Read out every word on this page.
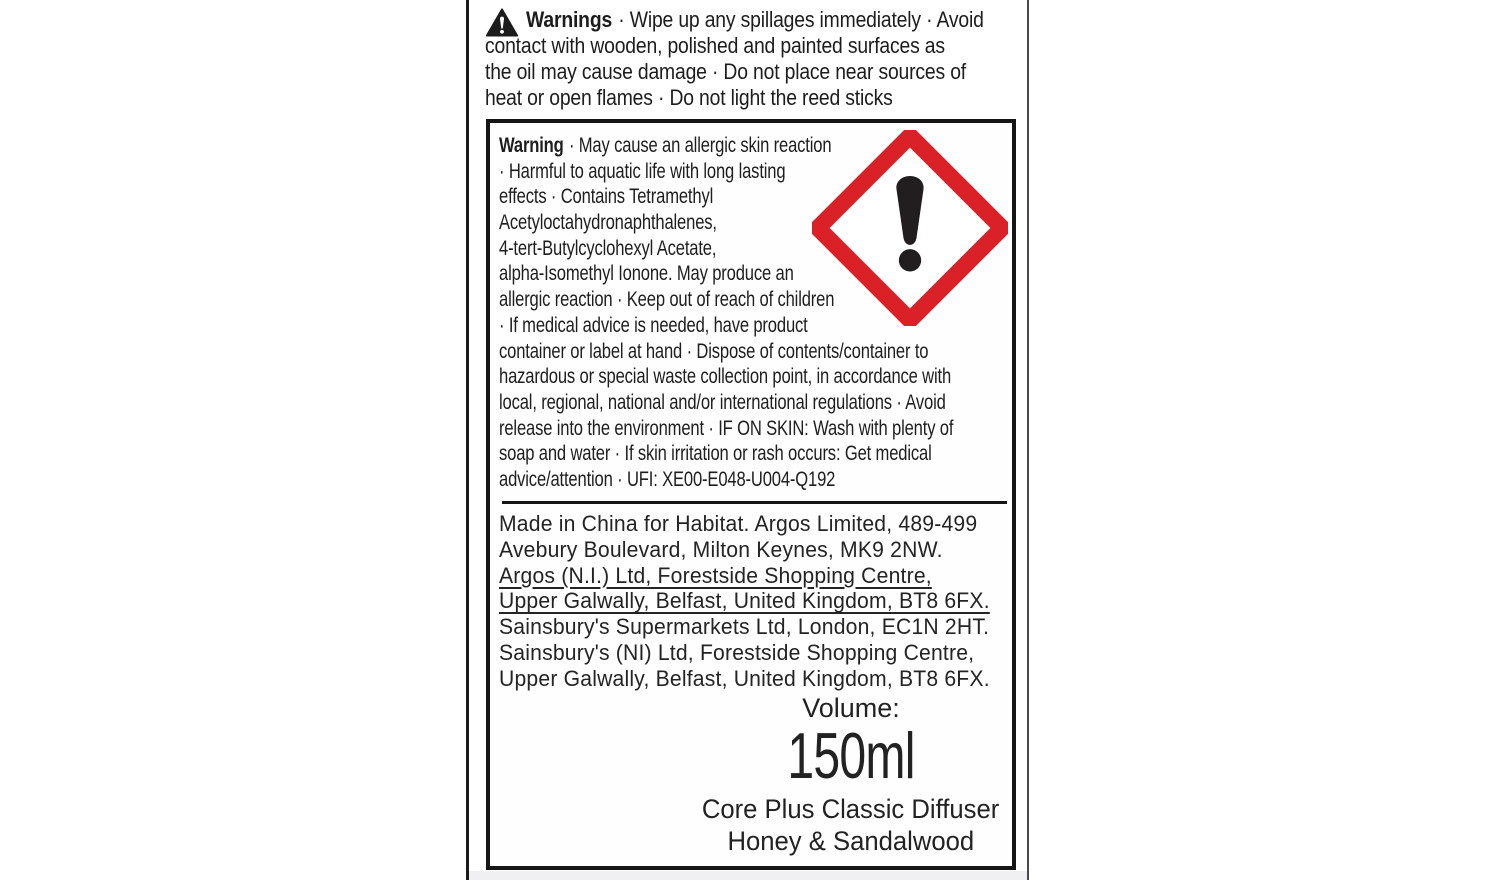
Warnings · Wipe up any spillages immediately · Avoid
contact with wooden, polished and painted surfaces as
the oil may cause damage · Do not place near sources of
heat or open flames · Do not light the reed sticks
Warning · May cause an allergic skin reaction
· Harmful to aquatic life with long lasting
effects · Contains Tetramethyl
Acetyloctahydronaphthalenes,
4-tert-Butylcyclohexyl Acetate,
alpha-Isomethyl Ionone. May produce an
allergic reaction · Keep out of reach of children
· If medical advice is needed, have product
container or label at hand · Dispose of contents/container to
hazardous or special waste collection point, in accordance with
local, regional, national and/or international regulations · Avoid
release into the environment · IF ON SKIN: Wash with plenty of
soap and water · If skin irritation or rash occurs: Get medical
advice/attention · UFI: XE00-E048-U004-Q192
Made in China for Habitat. Argos Limited, 489-499
Avebury Boulevard, Milton Keynes, MK9 2NW.
Argos (N.I.) Ltd, Forestside Shopping Centre,
Upper Galwally, Belfast, United Kingdom, BT8 6FX.
Sainsbury's Supermarkets Ltd, London, EC1N 2HT.
Sainsbury's (NI) Ltd, Forestside Shopping Centre,
Upper Galwally, Belfast, United Kingdom, BT8 6FX.
Volume:
150ml
Core Plus Classic Diffuser
Honey & Sandalwood
